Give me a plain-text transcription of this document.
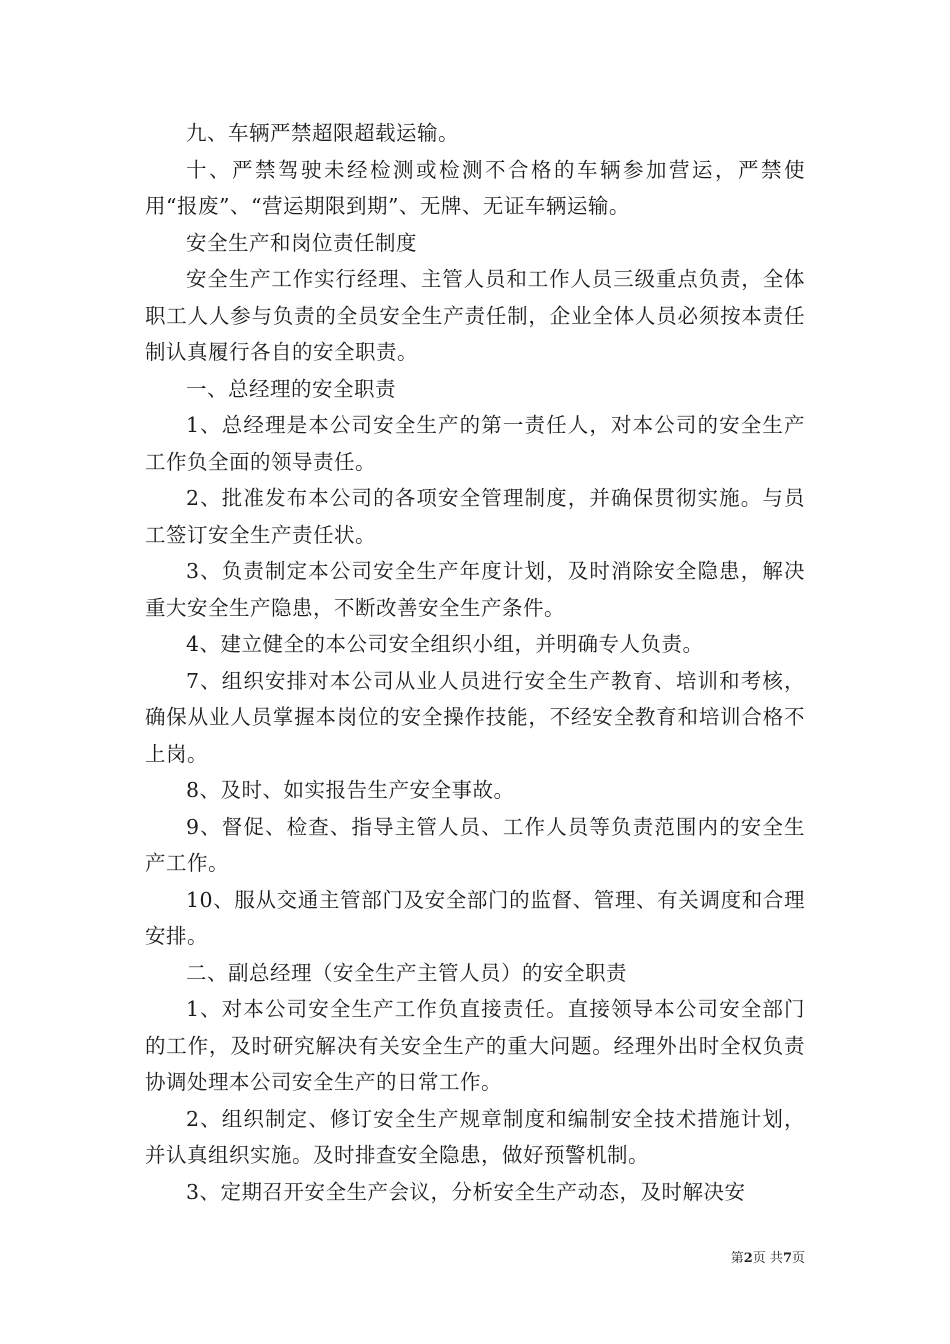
九、车辆严禁超限超载运输。

十、严禁驾驶未经检测或检测不合格的车辆参加营运，严禁使用“报废”、“营运期限到期”、无牌、无证车辆运输。

安全生产和岗位责任制度

安全生产工作实行经理、主管人员和工作人员三级重点负责，全体职工人人参与负责的全员安全生产责任制，企业全体人员必须按本责任制认真履行各自的安全职责。

一、总经理的安全职责

1、总经理是本公司安全生产的第一责任人，对本公司的安全生产工作负全面的领导责任。

2、批准发布本公司的各项安全管理制度，并确保贯彻实施。与员工签订安全生产责任状。

3、负责制定本公司安全生产年度计划，及时消除安全隐患，解决重大安全生产隐患，不断改善安全生产条件。

4、建立健全的本公司安全组织小组，并明确专人负责。

7、组织安排对本公司从业人员进行安全生产教育、培训和考核，确保从业人员掌握本岗位的安全操作技能，不经安全教育和培训合格不上岗。

8、及时、如实报告生产安全事故。

9、督促、检查、指导主管人员、工作人员等负责范围内的安全生产工作。

10、服从交通主管部门及安全部门的监督、管理、有关调度和合理安排。

二、副总经理（安全生产主管人员）的安全职责

1、对本公司安全生产工作负直接责任。直接领导本公司安全部门的工作，及时研究解决有关安全生产的重大问题。经理外出时全权负责协调处理本公司安全生产的日常工作。

2、组织制定、修订安全生产规章制度和编制安全技术措施计划，并认真组织实施。及时排查安全隐患，做好预警机制。

3、定期召开安全生产会议，分析安全生产动态，及时解决安

第2页 共7页
